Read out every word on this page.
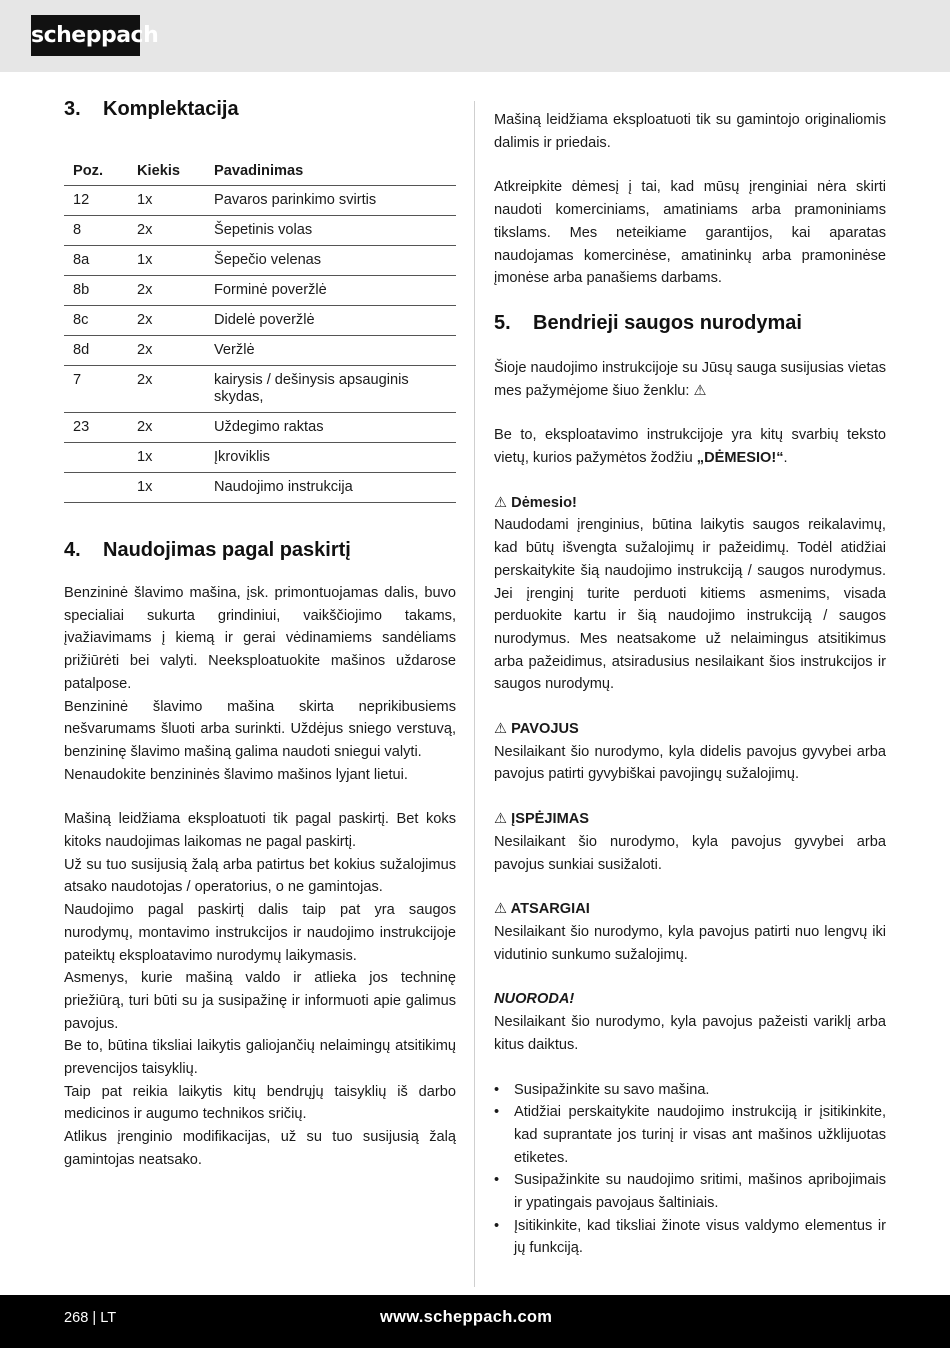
scheppach
3.	Komplektacija
Poz.	Kiekis	Pavadinimas
12	1x	Pavaros parinkimo svirtis
8	2x	Šepetinis volas
8a	1x	Šepečio velenas
8b	2x	Forminė poveržlė
8c	2x	Didelė poveržlė
8d	2x	Veržlė
7	2x	kairysis / dešinysis apsauginis skydas,
23	2x	Uždegimo raktas
	1x	Įkroviklis
	1x	Naudojimo instrukcija
4.	Naudojimas pagal paskirtį

Benzininė šlavimo mašina, įsk. primontuojamas dalis, buvo specialiai sukurta grindiniui, vaikščiojimo takams, įvažiavimams į kiemą ir gerai vėdinamiems sandėliams prižiūrėti bei valyti. Neeksploatuokite mašinos uždarose patalpose.

Benzininė šlavimo mašina skirta neprikibusiems nešvarumams šluoti arba surinkti. Uždėjus sniego verstuvą, benzininę šlavimo mašiną galima naudoti sniegui valyti.

Nenaudokite benzininės šlavimo mašinos lyjant lietui.

Mašiną leidžiama eksploatuoti tik pagal paskirtį. Bet koks kitoks naudojimas laikomas ne pagal paskirtį.

Už su tuo susijusią žalą arba patirtus bet kokius sužalojimus atsako naudotojas / operatorius, o ne gamintojas.

Naudojimo pagal paskirtį dalis taip pat yra saugos nurodymų, montavimo instrukcijos ir naudojimo instrukcijoje pateiktų eksploatavimo nurodymų laikymasis.

Asmenys, kurie mašiną valdo ir atlieka jos techninę priežiūrą, turi būti su ja susipažinę ir informuoti apie galimus pavojus.

Be to, būtina tiksliai laikytis galiojančių nelaimingų atsitikimų prevencijos taisyklių.

Taip pat reikia laikytis kitų bendrųjų taisyklių iš darbo medicinos ir augumo technikos sričių.

Atlikus įrenginio modifikacijas, už su tuo susijusią žalą gamintojas neatsako.

Mašiną leidžiama eksploatuoti tik su gamintojo originaliomis dalimis ir priedais.

Atkreipkite dėmesį į tai, kad mūsų įrenginiai nėra skirti naudoti komerciniams, amatiniams arba pramoniniams tikslams. Mes neteikiame garantijos, kai aparatas naudojamas komercinėse, amatininkų arba pramoninėse įmonėse arba panašiems darbams.

5.	Bendrieji saugos nurodymai

Šioje naudojimo instrukcijoje su Jūsų sauga susijusias vietas mes pažymėjome šiuo ženklu: ⚠

Be to, eksploatavimo instrukcijoje yra kitų svarbių teksto vietų, kurios pažymėtos žodžiu „DĖMESIO!“.

⚠ Dėmesio!

Naudodami įrenginius, būtina laikytis saugos reikalavimų, kad būtų išvengta sužalojimų ir pažeidimų. Todėl atidžiai perskaitykite šią naudojimo instrukciją / saugos nurodymus. Jei įrenginį turite perduoti kitiems asmenims, visada perduokite kartu ir šią naudojimo instrukciją / saugos nurodymus. Mes neatsakome už nelaimingus atsitikimus arba pažeidimus, atsiradusius nesilaikant šios instrukcijos ir saugos nurodymų.

⚠ PAVOJUS

Nesilaikant šio nurodymo, kyla didelis pavojus gyvybei arba pavojus patirti gyvybiškai pavojingų sužalojimų.

⚠ ĮSPĖJIMAS

Nesilaikant šio nurodymo, kyla pavojus gyvybei arba pavojus sunkiai susižaloti.

⚠ ATSARGIAI

Nesilaikant šio nurodymo, kyla pavojus patirti nuo lengvų iki vidutinio sunkumo sužalojimų.

NUORODA!

Nesilaikant šio nurodymo, kyla pavojus pažeisti variklį arba kitus daiktus.

• Susipažinkite su savo mašina.
• Atidžiai perskaitykite naudojimo instrukciją ir įsitikinkite, kad suprantate jos turinį ir visas ant mašinos užklijuotas etiketes.
• Susipažinkite su naudojimo sritimi, mašinos apribojimais ir ypatingais pavojaus šaltiniais.
• Įsitikinkite, kad tiksliai žinote visus valdymo elementus ir jų funkciją.
268 | LT	www.scheppach.com
